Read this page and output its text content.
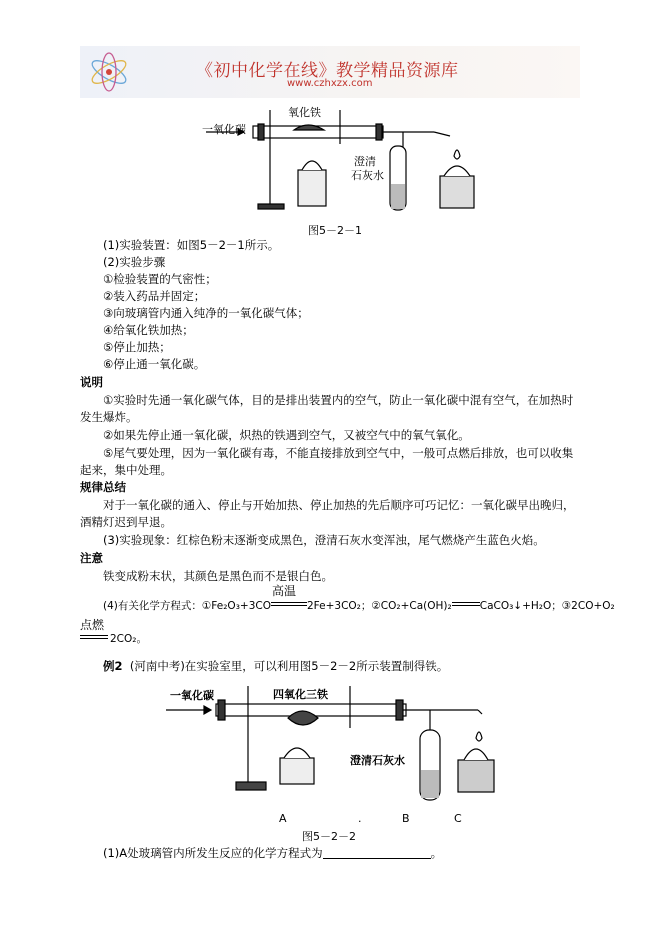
《初中化学在线》教学精品资源库
www.czhxzx.com
一氧化碳
氧化铁
澄清
石灰水
图5－2－1
(1)实验装置：如图5－2－1所示。
(2)实验步骤
①检验装置的气密性；
②装入药品并固定；
③向玻璃管内通入纯净的一氧化碳气体；
④给氧化铁加热；
⑤停止加热；
⑥停止通一氧化碳。
说明
①实验时先通一氧化碳气体，目的是排出装置内的空气，防止一氧化碳中混有空气，在加热时
发生爆炸。
②如果先停止通一氧化碳，炽热的铁遇到空气，又被空气中的氧气氧化。
⑤尾气要处理，因为一氧化碳有毒，不能直接排放到空气中，一般可点燃后排放，也可以收集
起来，集中处理。
规律总结
对于一氧化碳的通入、停止与开始加热、停止加热的先后顺序可巧记忆：一氧化碳早出晚归，
酒精灯迟到早退。
(3)实验现象：红棕色粉末逐渐变成黑色，澄清石灰水变浑浊，尾气燃烧产生蓝色火焰。
注意
铁变成粉末状，其颜色是黑色而不是银白色。
(4)有关化学方程式：①Fe₂O₃+3CO
高温
2Fe+3CO₂；②CO₂+Ca(OH)₂	CaCO₃↓+H₂O；③2CO+O₂
点燃
2CO₂。
例2 (河南中考)在实验室里，可以利用图5－2－2所示装置制得铁。
一氧化碳	四氧化三铁
澄清石灰水
A	.	B	C
图5－2－2
(1)A处玻璃管内所发生反应的化学方程式为	。
